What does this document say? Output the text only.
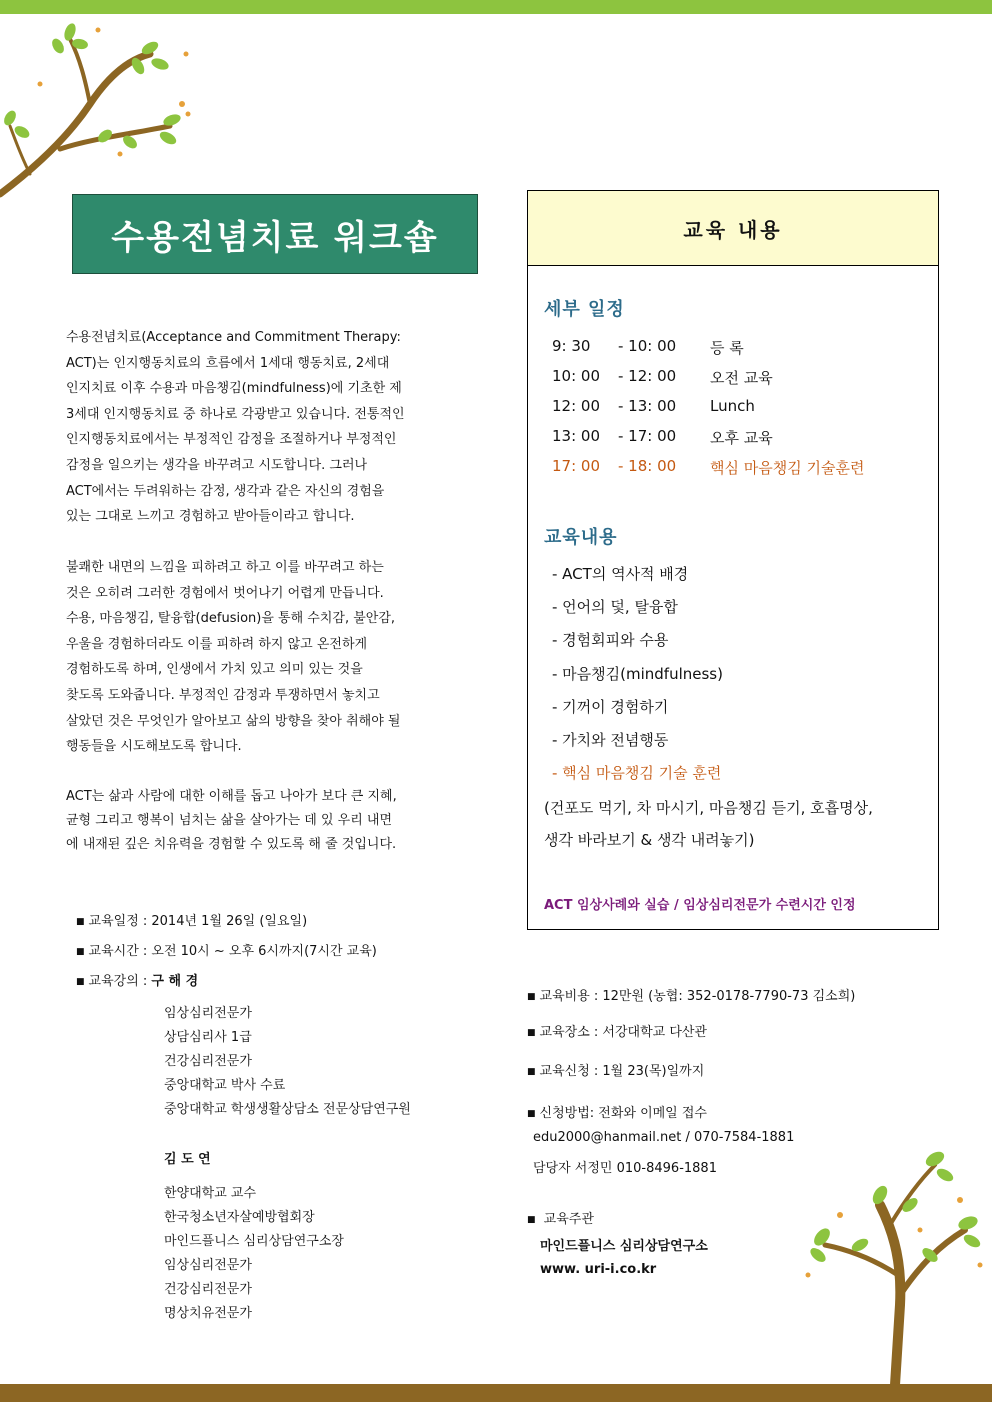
수용전념치료 워크숍
수용전념치료(Acceptance and Commitment Therapy:
ACT)는 인지행동치료의 흐름에서 1세대 행동치료, 2세대
인지치료 이후 수용과 마음챙김(mindfulness)에 기초한 제
3세대 인지행동치료 중 하나로 각광받고 있습니다. 전통적인
인지행동치료에서는 부정적인 감정을 조절하거나 부정적인
감정을 일으키는 생각을 바꾸려고 시도합니다. 그러나
ACT에서는 두려워하는 감정, 생각과 같은 자신의 경험을
있는 그대로 느끼고 경험하고 받아들이라고 합니다.
불쾌한 내면의 느낌을 피하려고 하고 이를 바꾸려고 하는
것은 오히려 그러한 경험에서 벗어나기 어렵게 만듭니다.
수용, 마음챙김, 탈융합(defusion)을 통해 수치감, 불안감,
우울을 경험하더라도 이를 피하려 하지 않고 온전하게
경험하도록 하며, 인생에서 가치 있고 의미 있는 것을
찾도록 도와줍니다. 부정적인 감정과 투쟁하면서 놓치고
살았던 것은 무엇인가 알아보고 삶의 방향을 찾아 취해야 될
행동들을 시도해보도록 합니다.
ACT는 삶과 사람에 대한 이해를 돕고 나아가 보다 큰 지혜,
균형 그리고 행복이 넘치는 삶을 살아가는 데 있 우리 내면
에 내재된 깊은 치유력을 경험할 수 있도록 해 줄 것입니다.
■ 교육일정 : 2014년 1월 26일 (일요일)
■ 교육시간 : 오전 10시 ~ 오후 6시까지(7시간 교육)
■ 교육강의 : 구 해 경
임상심리전문가
상담심리사 1급
건강심리전문가
중앙대학교 박사 수료
중앙대학교 학생생활상담소 전문상담연구원
김 도 연
한양대학교 교수
한국청소년자살예방협회장
마인드플니스 심리상담연구소장
임상심리전문가
건강심리전문가
명상치유전문가
교육 내용
세부 일정
9: 30 - 10: 00 등 록
10: 00 - 12: 00 오전 교육
12: 00 - 13: 00 Lunch
13: 00 - 17: 00 오후 교육
17: 00 - 18: 00 핵심 마음챙김 기술훈련
교육내용
- ACT의 역사적 배경
- 언어의 덫, 탈융합
- 경험회피와 수용
- 마음챙김(mindfulness)
- 기꺼이 경험하기
- 가치와 전념행동
- 핵심 마음챙김 기술 훈련
(건포도 먹기, 차 마시기, 마음챙김 듣기, 호흡명상,
생각 바라보기 & 생각 내려놓기)
ACT 임상사례와 실습 / 임상심리전문가 수련시간 인정
■ 교육비용 : 12만원 (농협: 352-0178-7790-73 김소희)
■ 교육장소 : 서강대학교 다산관
■ 교육신청 : 1월 23(목)일까지
■ 신청방법: 전화와 이메일 접수
edu2000@hanmail.net / 070-7584-1881
담당자 서정민 010-8496-1881
■ 교육주관
마인드플니스 심리상담연구소
www. uri-i.co.kr
